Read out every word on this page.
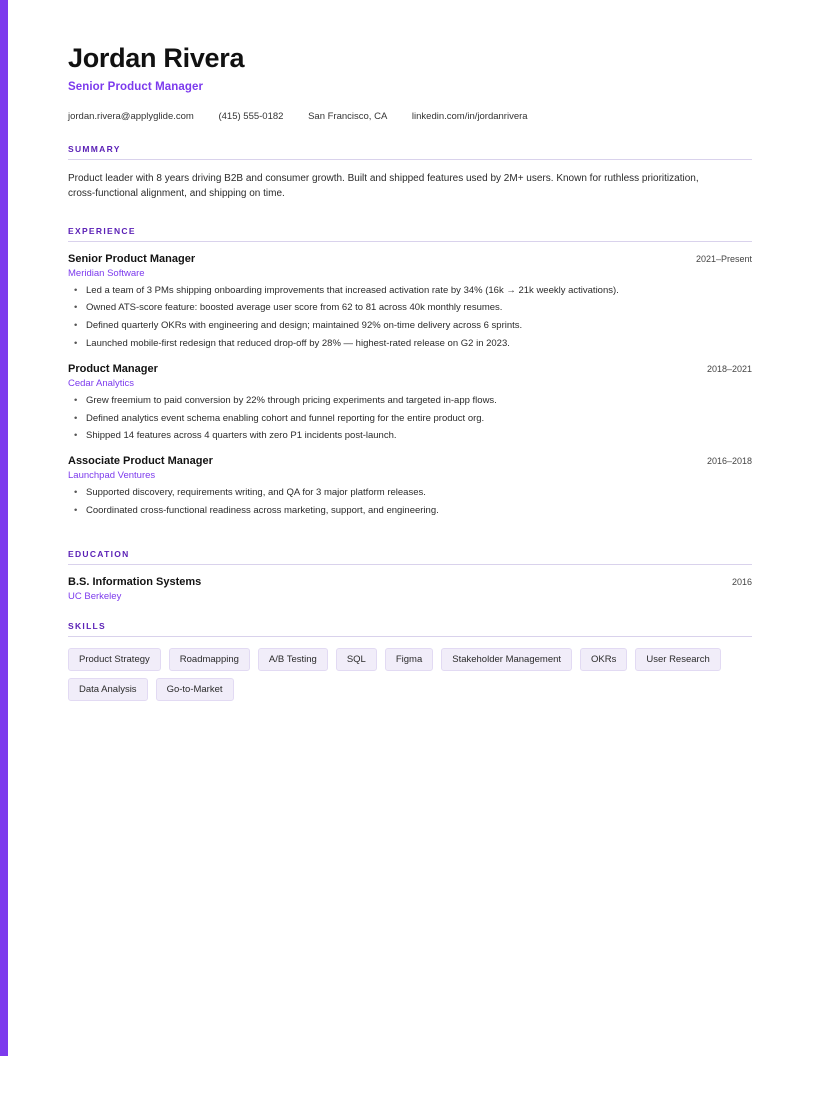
Jordan Rivera
Senior Product Manager
jordan.rivera@applyglide.com	(415) 555-0182	San Francisco, CA	linkedin.com/in/jordanrivera
SUMMARY
Product leader with 8 years driving B2B and consumer growth. Built and shipped features used by 2M+ users. Known for ruthless prioritization, cross-functional alignment, and shipping on time.
EXPERIENCE
Senior Product Manager	2021–Present
Meridian Software
• Led a team of 3 PMs shipping onboarding improvements that increased activation rate by 34% (16k → 21k weekly activations).
• Owned ATS-score feature: boosted average user score from 62 to 81 across 40k monthly resumes.
• Defined quarterly OKRs with engineering and design; maintained 92% on-time delivery across 6 sprints.
• Launched mobile-first redesign that reduced drop-off by 28% — highest-rated release on G2 in 2023.
Product Manager	2018–2021
Cedar Analytics
• Grew freemium to paid conversion by 22% through pricing experiments and targeted in-app flows.
• Defined analytics event schema enabling cohort and funnel reporting for the entire product org.
• Shipped 14 features across 4 quarters with zero P1 incidents post-launch.
Associate Product Manager	2016–2018
Launchpad Ventures
• Supported discovery, requirements writing, and QA for 3 major platform releases.
• Coordinated cross-functional readiness across marketing, support, and engineering.
EDUCATION
B.S. Information Systems	2016
UC Berkeley
SKILLS
Product Strategy	Roadmapping	A/B Testing	SQL	Figma	Stakeholder Management	OKRs	User Research
Data Analysis	Go-to-Market
